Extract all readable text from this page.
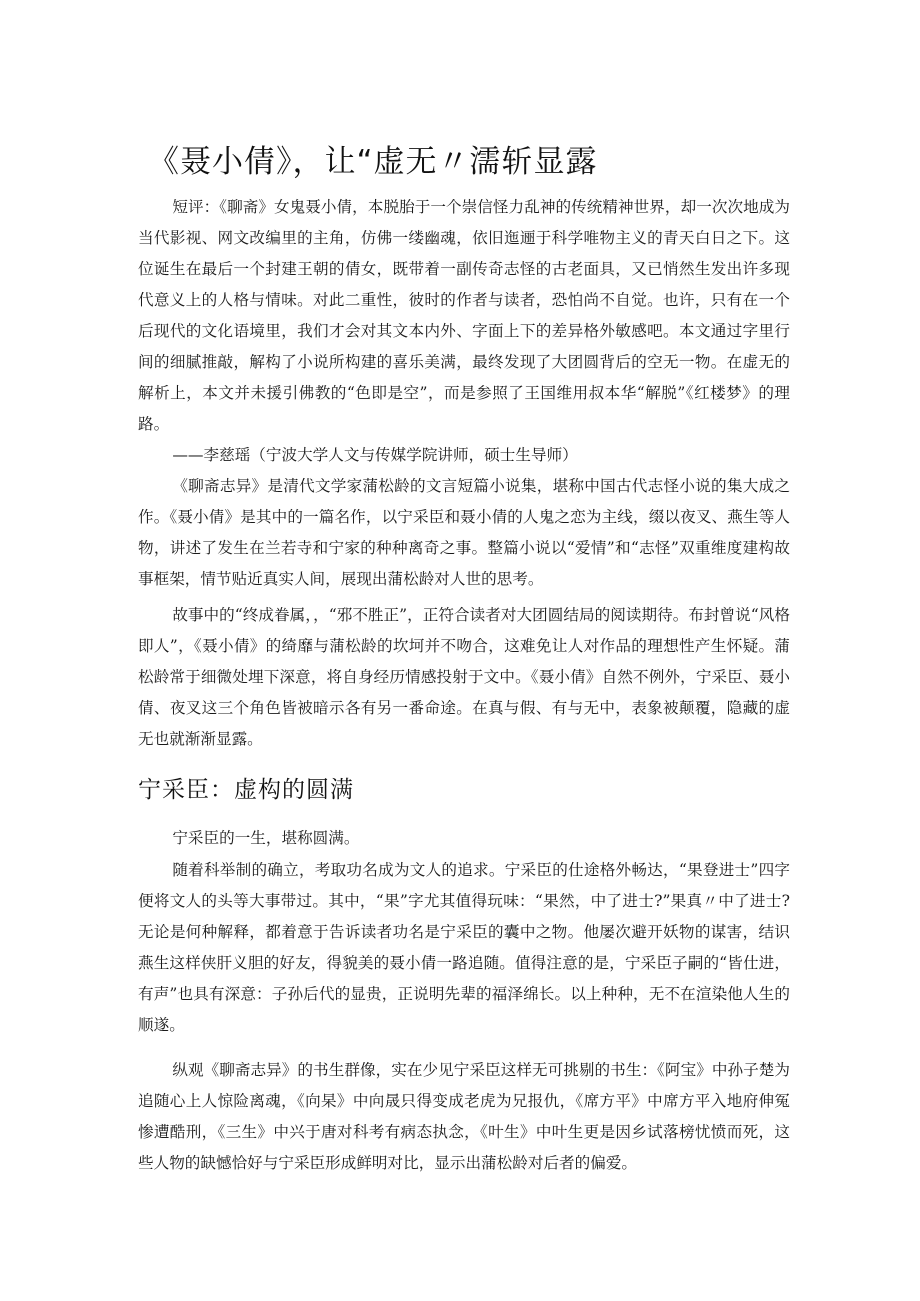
《聂小倩》，让“虚无〃濡斩显露

短评：《聊斋》女鬼聂小倩，本脱胎于一个崇信怪力乱神的传统精神世界，却一次次地成为当代影视、网文改编里的主角，仿佛一缕幽魂，依旧迤逦于科学唯物主义的青天白日之下。这位诞生在最后一个封建王朝的倩女，既带着一副传奇志怪的古老面具，又已悄然生发出许多现代意义上的人格与情味。对此二重性，彼时的作者与读者，恐怕尚不自觉。也许，只有在一个后现代的文化语境里，我们才会对其文本内外、字面上下的差异格外敏感吧。本文通过字里行间的细腻推敲，解构了小说所构建的喜乐美满，最终发现了大团圆背后的空无一物。在虚无的解析上，本文并未援引佛教的“色即是空”，而是参照了王国维用叔本华“解脱”《红楼梦》的理路。

——李慈瑶（宁波大学人文与传媒学院讲师，硕士生导师）

《聊斋志异》是清代文学家蒲松龄的文言短篇小说集，堪称中国古代志怪小说的集大成之作。《聂小倩》是其中的一篇名作，以宁采臣和聂小倩的人鬼之恋为主线，缀以夜叉、燕生等人物，讲述了发生在兰若寺和宁家的种种离奇之事。整篇小说以“爱情”和“志怪”双重维度建构故事框架，情节贴近真实人间，展现出蒲松龄对人世的思考。

故事中的“终成眷属，，“邪不胜正”，正符合读者对大团圆结局的阅读期待。布封曾说“风格即人”，《聂小倩》的绮靡与蒲松龄的坎坷并不吻合，这难免让人对作品的理想性产生怀疑。蒲松龄常于细微处埋下深意，将自身经历情感投射于文中。《聂小倩》自然不例外，宁采臣、聂小倩、夜叉这三个角色皆被暗示各有另一番命途。在真与假、有与无中，表象被颠覆，隐藏的虚无也就渐渐显露。

宁采臣：虚构的圆满

宁采臣的一生，堪称圆满。

随着科举制的确立，考取功名成为文人的追求。宁采臣的仕途格外畅达，“果登进士”四字便将文人的头等大事带过。其中，“果”字尤其值得玩味：“果然，中了进士?”果真〃中了进士?无论是何种解释，都着意于告诉读者功名是宁采臣的囊中之物。他屡次避开妖物的谋害，结识燕生这样侠肝义胆的好友，得貌美的聂小倩一路追随。值得注意的是，宁采臣子嗣的“皆仕进，有声”也具有深意：子孙后代的显贵，正说明先辈的福泽绵长。以上种种，无不在渲染他人生的顺遂。

纵观《聊斋志异》的书生群像，实在少见宁采臣这样无可挑剔的书生：《阿宝》中孙子楚为追随心上人惊险离魂，《向杲》中向晟只得变成老虎为兄报仇，《席方平》中席方平入地府伸冤惨遭酷刑，《三生》中兴于唐对科考有病态执念，《叶生》中叶生更是因乡试落榜忧愤而死，这些人物的缺憾恰好与宁采臣形成鲜明对比，显示出蒲松龄对后者的偏爱。
